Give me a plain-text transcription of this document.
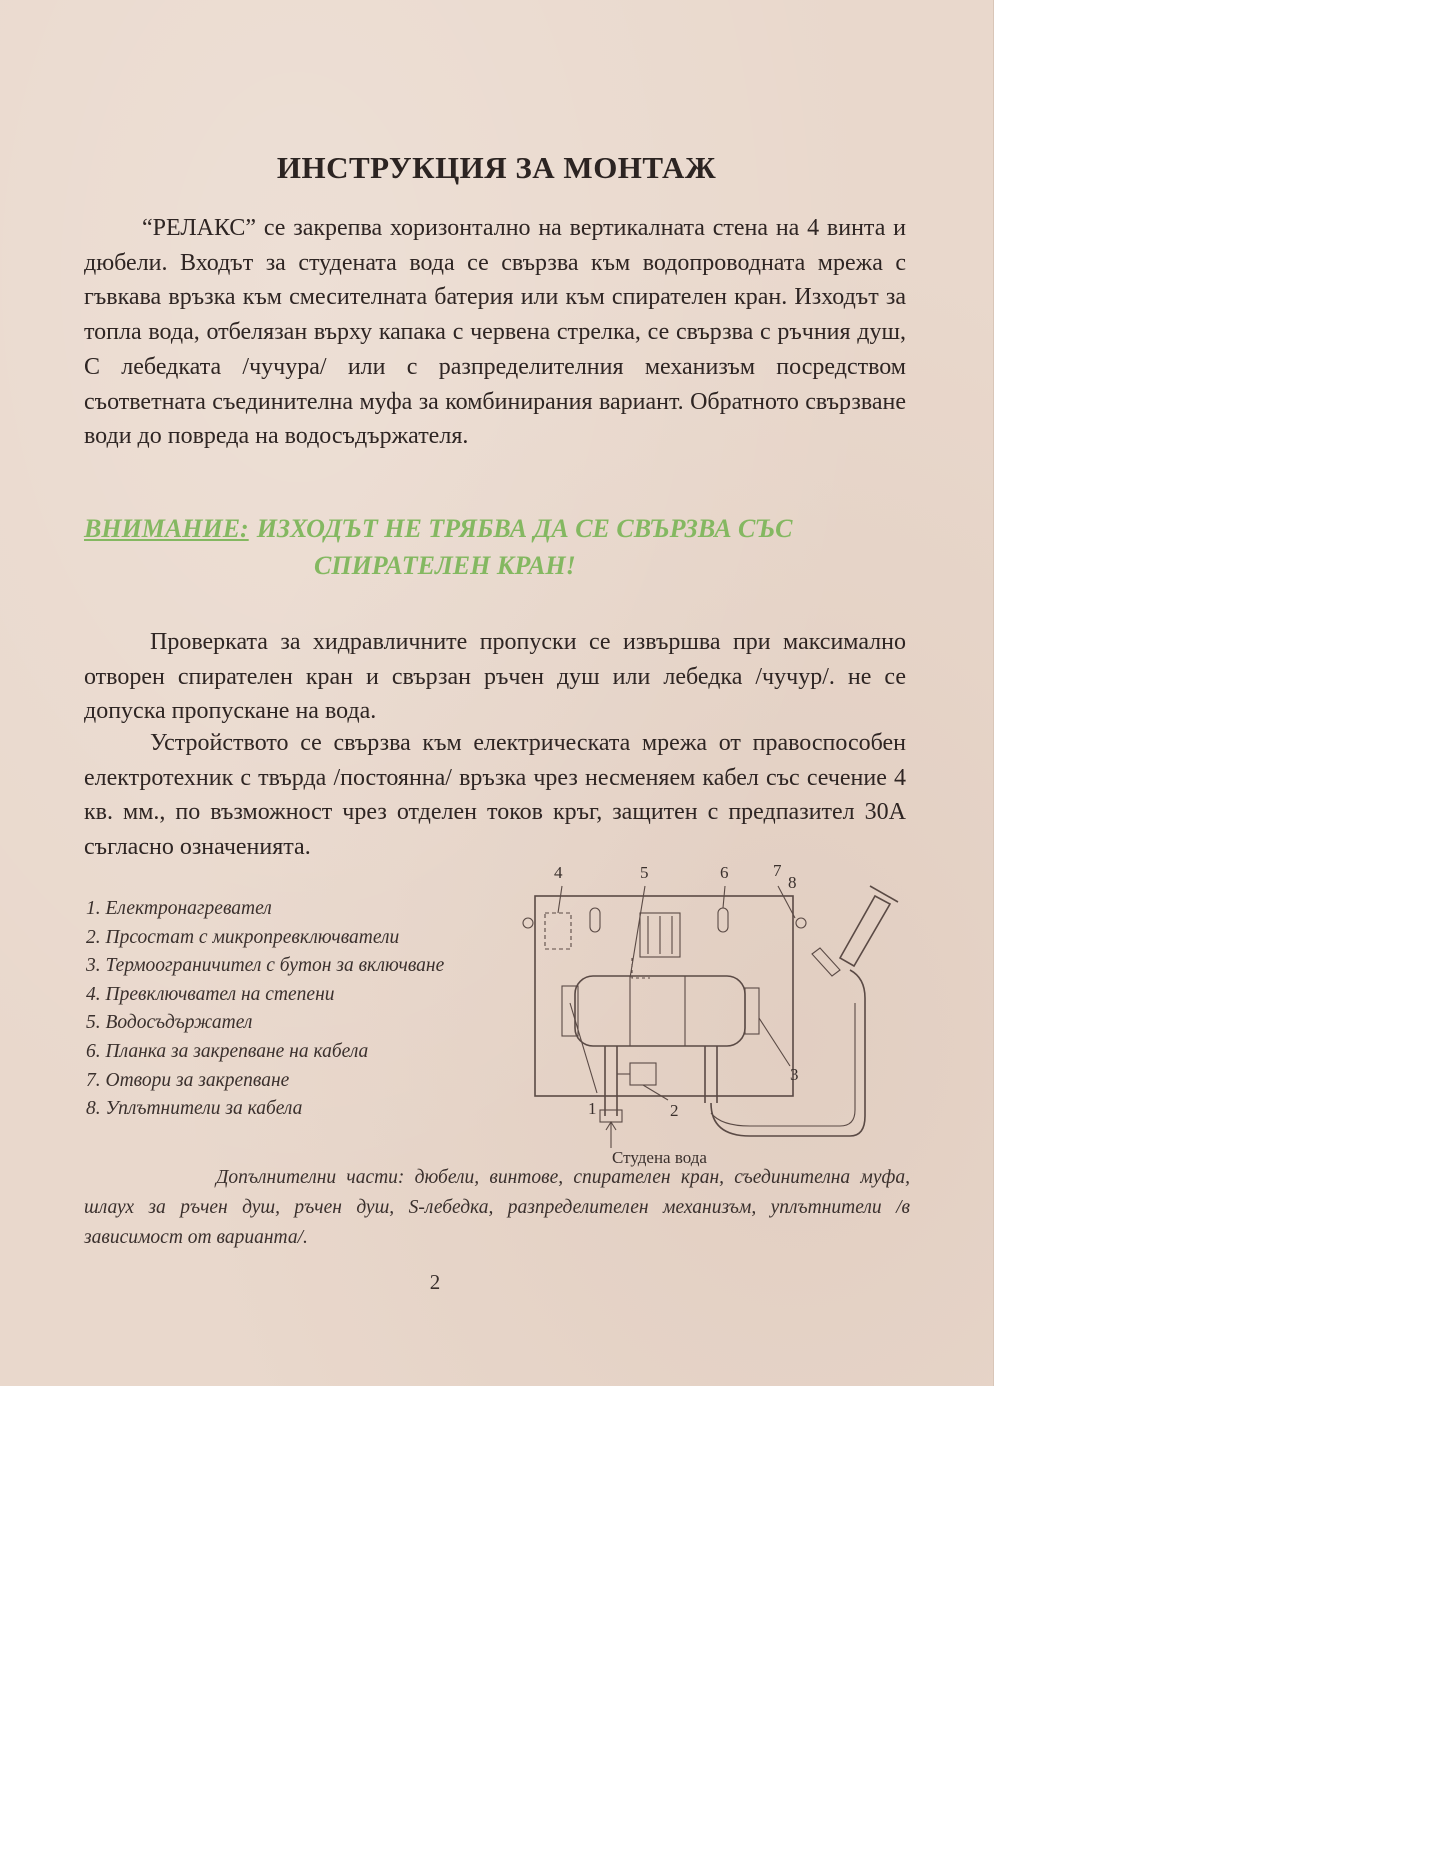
ИНСТРУКЦИЯ ЗА МОНТАЖ

“РЕЛАКС” се закрепва хоризонтално на вертикалната стена на 4 винта и дюбели. Входът за студената вода се свързва към водопроводната мрежа с гъвкава връзка към смесителната батерия или към спирателен кран. Изходът за топла вода, отбелязан върху капака с червена стрелка, се свързва с ръчния душ, С лебедката /чучура/ или с разпределителния механизъм посредством съответната съединителна муфа за комбинирания вариант. Обратното свързване води до повреда на водосъдържателя.

ВНИМАНИЕ: ИЗХОДЪТ НЕ ТРЯБВА ДА СЕ СВЪРЗВА СЪС
СПИРАТЕЛЕН КРАН!

Проверката за хидравличните пропуски се извършва при максимално отворен спирателен кран и свързан ръчен душ или лебедка /чучур/. не се допуска пропускане на вода.

Устройството се свързва към електрическата мрежа от правоспособен електротехник с твърда /постоянна/ връзка чрез несменяем кабел със сечение 4 кв. мм., по възможност чрез отделен токов кръг, защитен с предпазител 30А съгласно означенията.

1. Електронагревател
2. Прсостат с микропревключватели
3. Термоограничител с бутон за включване
4. Превключвател на степени
5. Водосъдържател
6. Планка за закрепване на кабела
7. Отвори за закрепване
8. Уплътнители за кабела
4	5	6	7
8
1	2
3
Студена вода

Допълнителни части: дюбели, винтове, спирателен кран, съединителна муфа, шлаух за ръчен душ, ръчен душ, S-лебедка, разпределителен механизъм, уплътнители /в зависимост от варианта/.

2
